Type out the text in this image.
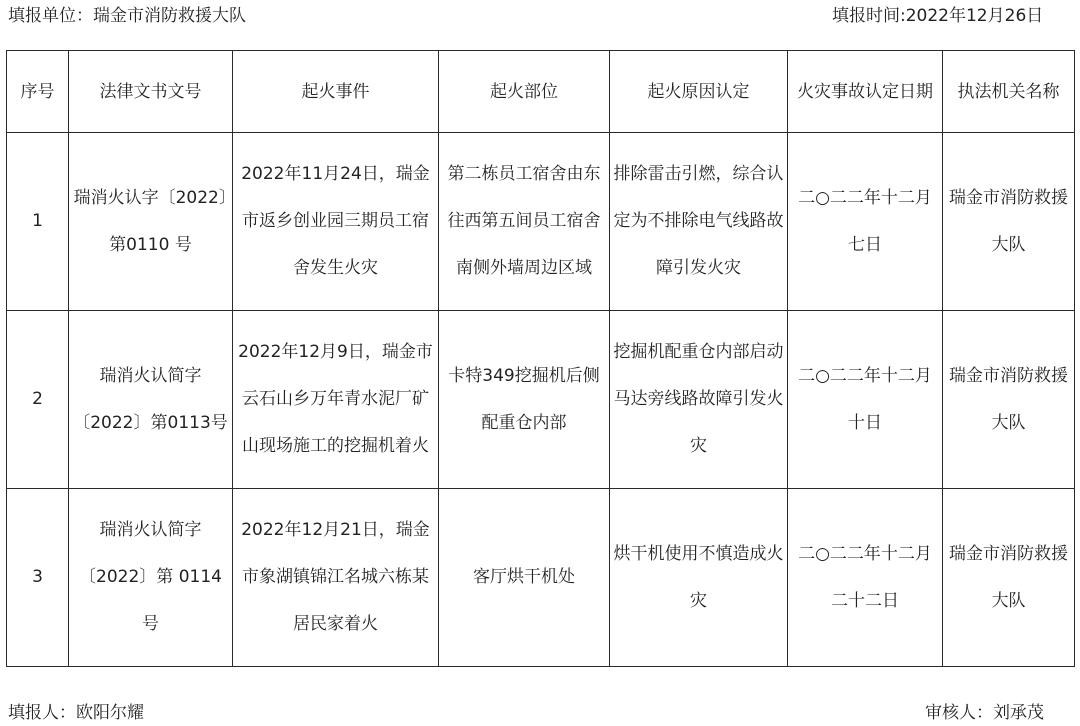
填报单位：瑞金市消防救援大队	填报时间:2022年12月26日
序号	法律文书文号	起火事件	起火部位	起火原因认定	火灾事故认定日期	执法机关名称
1	瑞消火认字〔2022〕第0110 号	2022年11月24日，瑞金市返乡创业园三期员工宿舍发生火灾	第二栋员工宿舍由东往西第五间员工宿舍南侧外墙周边区域	排除雷击引燃，综合认定为不排除电气线路故障引发火灾	二○二二年十二月七日	瑞金市消防救援大队
2	瑞消火认简字〔2022〕第0113号	2022年12月9日，瑞金市云石山乡万年青水泥厂矿山现场施工的挖掘机着火	卡特349挖掘机后侧配重仓内部	挖掘机配重仓内部启动马达旁线路故障引发火灾	二○二二年十二月十日	瑞金市消防救援大队
3	瑞消火认简字〔2022〕第 0114号	2022年12月21日，瑞金市象湖镇锦江名城六栋某居民家着火	客厅烘干机处	烘干机使用不慎造成火灾	二○二二年十二月二十二日	瑞金市消防救援大队
填报人：欧阳尔耀	审核人：刘承茂
